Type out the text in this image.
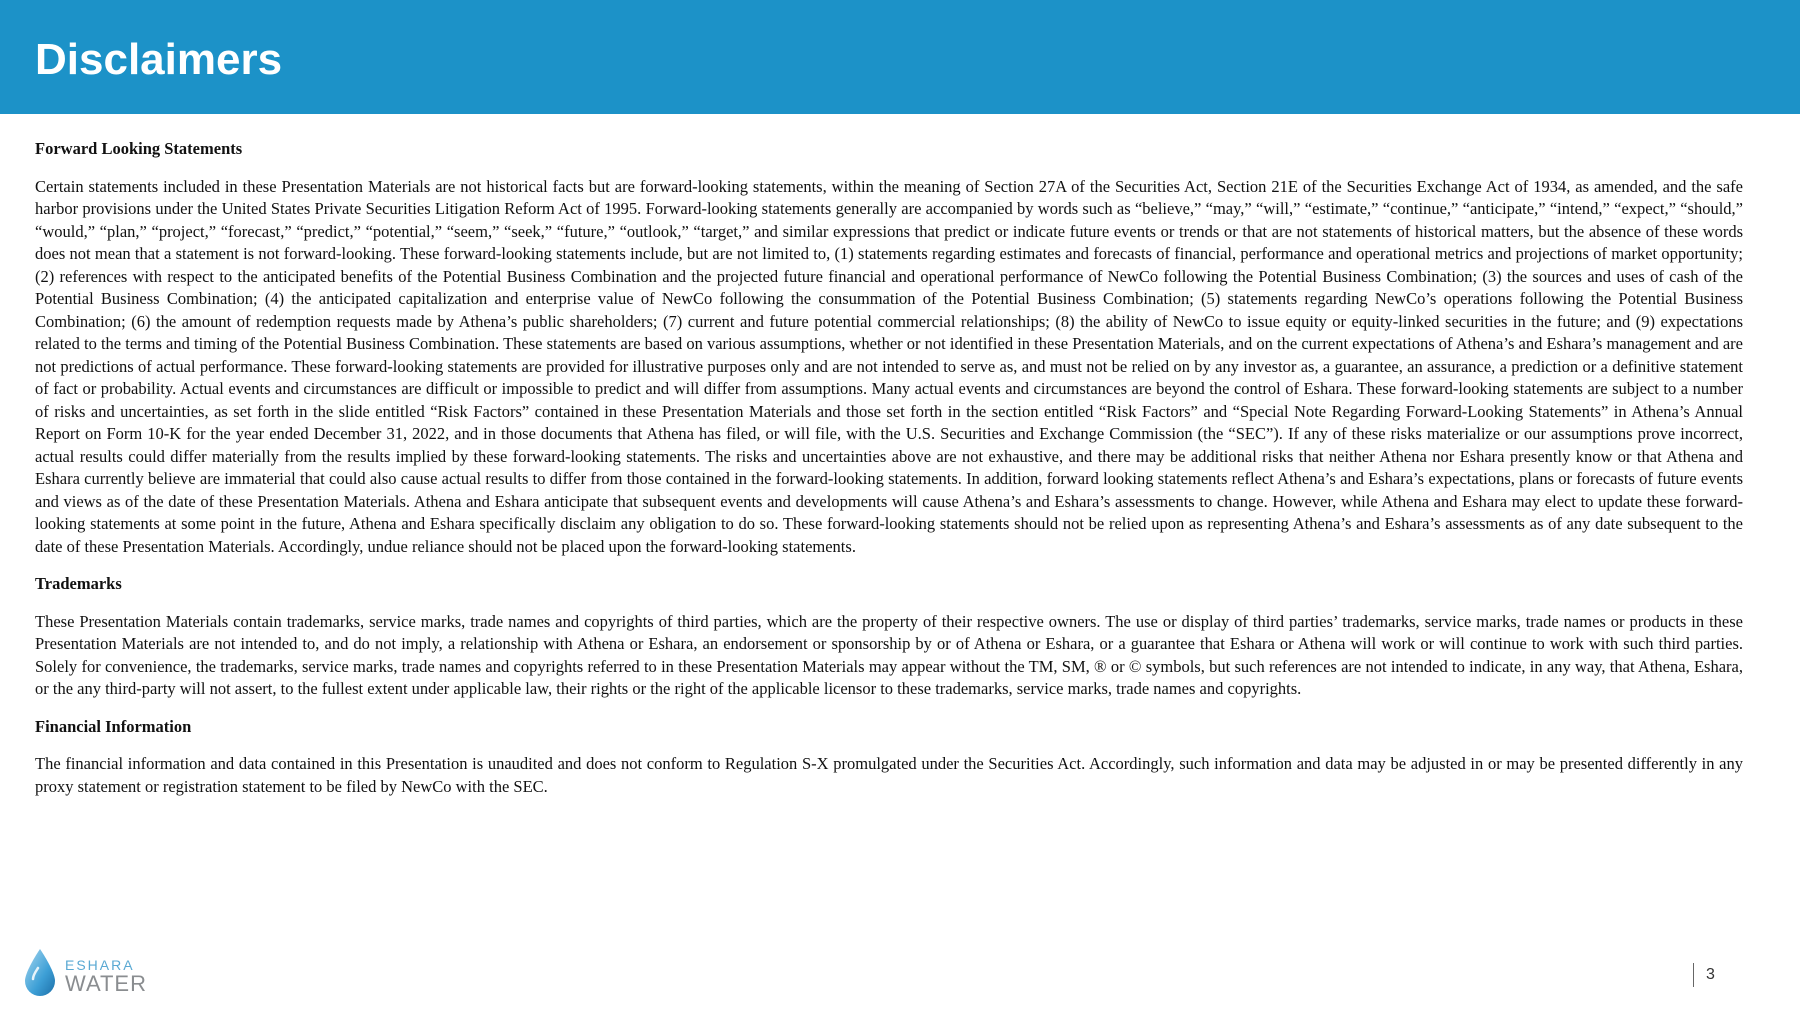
Disclaimers

Forward Looking Statements

Certain statements included in these Presentation Materials are not historical facts but are forward-looking statements, within the meaning of Section 27A of the Securities Act, Section 21E of the Securities Exchange Act of 1934, as amended, and the safe harbor provisions under the United States Private Securities Litigation Reform Act of 1995. Forward-looking statements generally are accompanied by words such as “believe,” “may,” “will,” “estimate,” “continue,” “anticipate,” “intend,” “expect,” “should,” “would,” “plan,” “project,” “forecast,” “predict,” “potential,” “seem,” “seek,” “future,” “outlook,” “target,” and similar expressions that predict or indicate future events or trends or that are not statements of historical matters, but the absence of these words does not mean that a statement is not forward-looking. These forward-looking statements include, but are not limited to, (1) statements regarding estimates and forecasts of financial, performance and operational metrics and projections of market opportunity; (2) references with respect to the anticipated benefits of the Potential Business Combination and the projected future financial and operational performance of NewCo following the Potential Business Combination; (3) the sources and uses of cash of the Potential Business Combination; (4) the anticipated capitalization and enterprise value of NewCo following the consummation of the Potential Business Combination; (5) statements regarding NewCo’s operations following the Potential Business Combination; (6) the amount of redemption requests made by Athena’s public shareholders; (7) current and future potential commercial relationships; (8) the ability of NewCo to issue equity or equity-linked securities in the future; and (9) expectations related to the terms and timing of the Potential Business Combination. These statements are based on various assumptions, whether or not identified in these Presentation Materials, and on the current expectations of Athena’s and Eshara’s management and are not predictions of actual performance. These forward-looking statements are provided for illustrative purposes only and are not intended to serve as, and must not be relied on by any investor as, a guarantee, an assurance, a prediction or a definitive statement of fact or probability. Actual events and circumstances are difficult or impossible to predict and will differ from assumptions. Many actual events and circumstances are beyond the control of Eshara. These forward-looking statements are subject to a number of risks and uncertainties, as set forth in the slide entitled “Risk Factors” contained in these Presentation Materials and those set forth in the section entitled “Risk Factors” and “Special Note Regarding Forward-Looking Statements” in Athena’s Annual Report on Form 10-K for the year ended December 31, 2022, and in those documents that Athena has filed, or will file, with the U.S. Securities and Exchange Commission (the “SEC”). If any of these risks materialize or our assumptions prove incorrect, actual results could differ materially from the results implied by these forward-looking statements. The risks and uncertainties above are not exhaustive, and there may be additional risks that neither Athena nor Eshara presently know or that Athena and Eshara currently believe are immaterial that could also cause actual results to differ from those contained in the forward-looking statements. In addition, forward looking statements reflect Athena’s and Eshara’s expectations, plans or forecasts of future events and views as of the date of these Presentation Materials. Athena and Eshara anticipate that subsequent events and developments will cause Athena’s and Eshara’s assessments to change. However, while Athena and Eshara may elect to update these forward-looking statements at some point in the future, Athena and Eshara specifically disclaim any obligation to do so. These forward-looking statements should not be relied upon as representing Athena’s and Eshara’s assessments as of any date subsequent to the date of these Presentation Materials. Accordingly, undue reliance should not be placed upon the forward-looking statements.

Trademarks

These Presentation Materials contain trademarks, service marks, trade names and copyrights of third parties, which are the property of their respective owners. The use or display of third parties’ trademarks, service marks, trade names or products in these Presentation Materials are not intended to, and do not imply, a relationship with Athena or Eshara, an endorsement or sponsorship by or of Athena or Eshara, or a guarantee that Eshara or Athena will work or will continue to work with such third parties. Solely for convenience, the trademarks, service marks, trade names and copyrights referred to in these Presentation Materials may appear without the TM, SM, ® or © symbols, but such references are not intended to indicate, in any way, that Athena, Eshara, or the any third-party will not assert, to the fullest extent under applicable law, their rights or the right of the applicable licensor to these trademarks, service marks, trade names and copyrights.

Financial Information

The financial information and data contained in this Presentation is unaudited and does not conform to Regulation S-X promulgated under the Securities Act. Accordingly, such information and data may be adjusted in or may be presented differently in any proxy statement or registration statement to be filed by NewCo with the SEC.

ESHARA
WATER	3
